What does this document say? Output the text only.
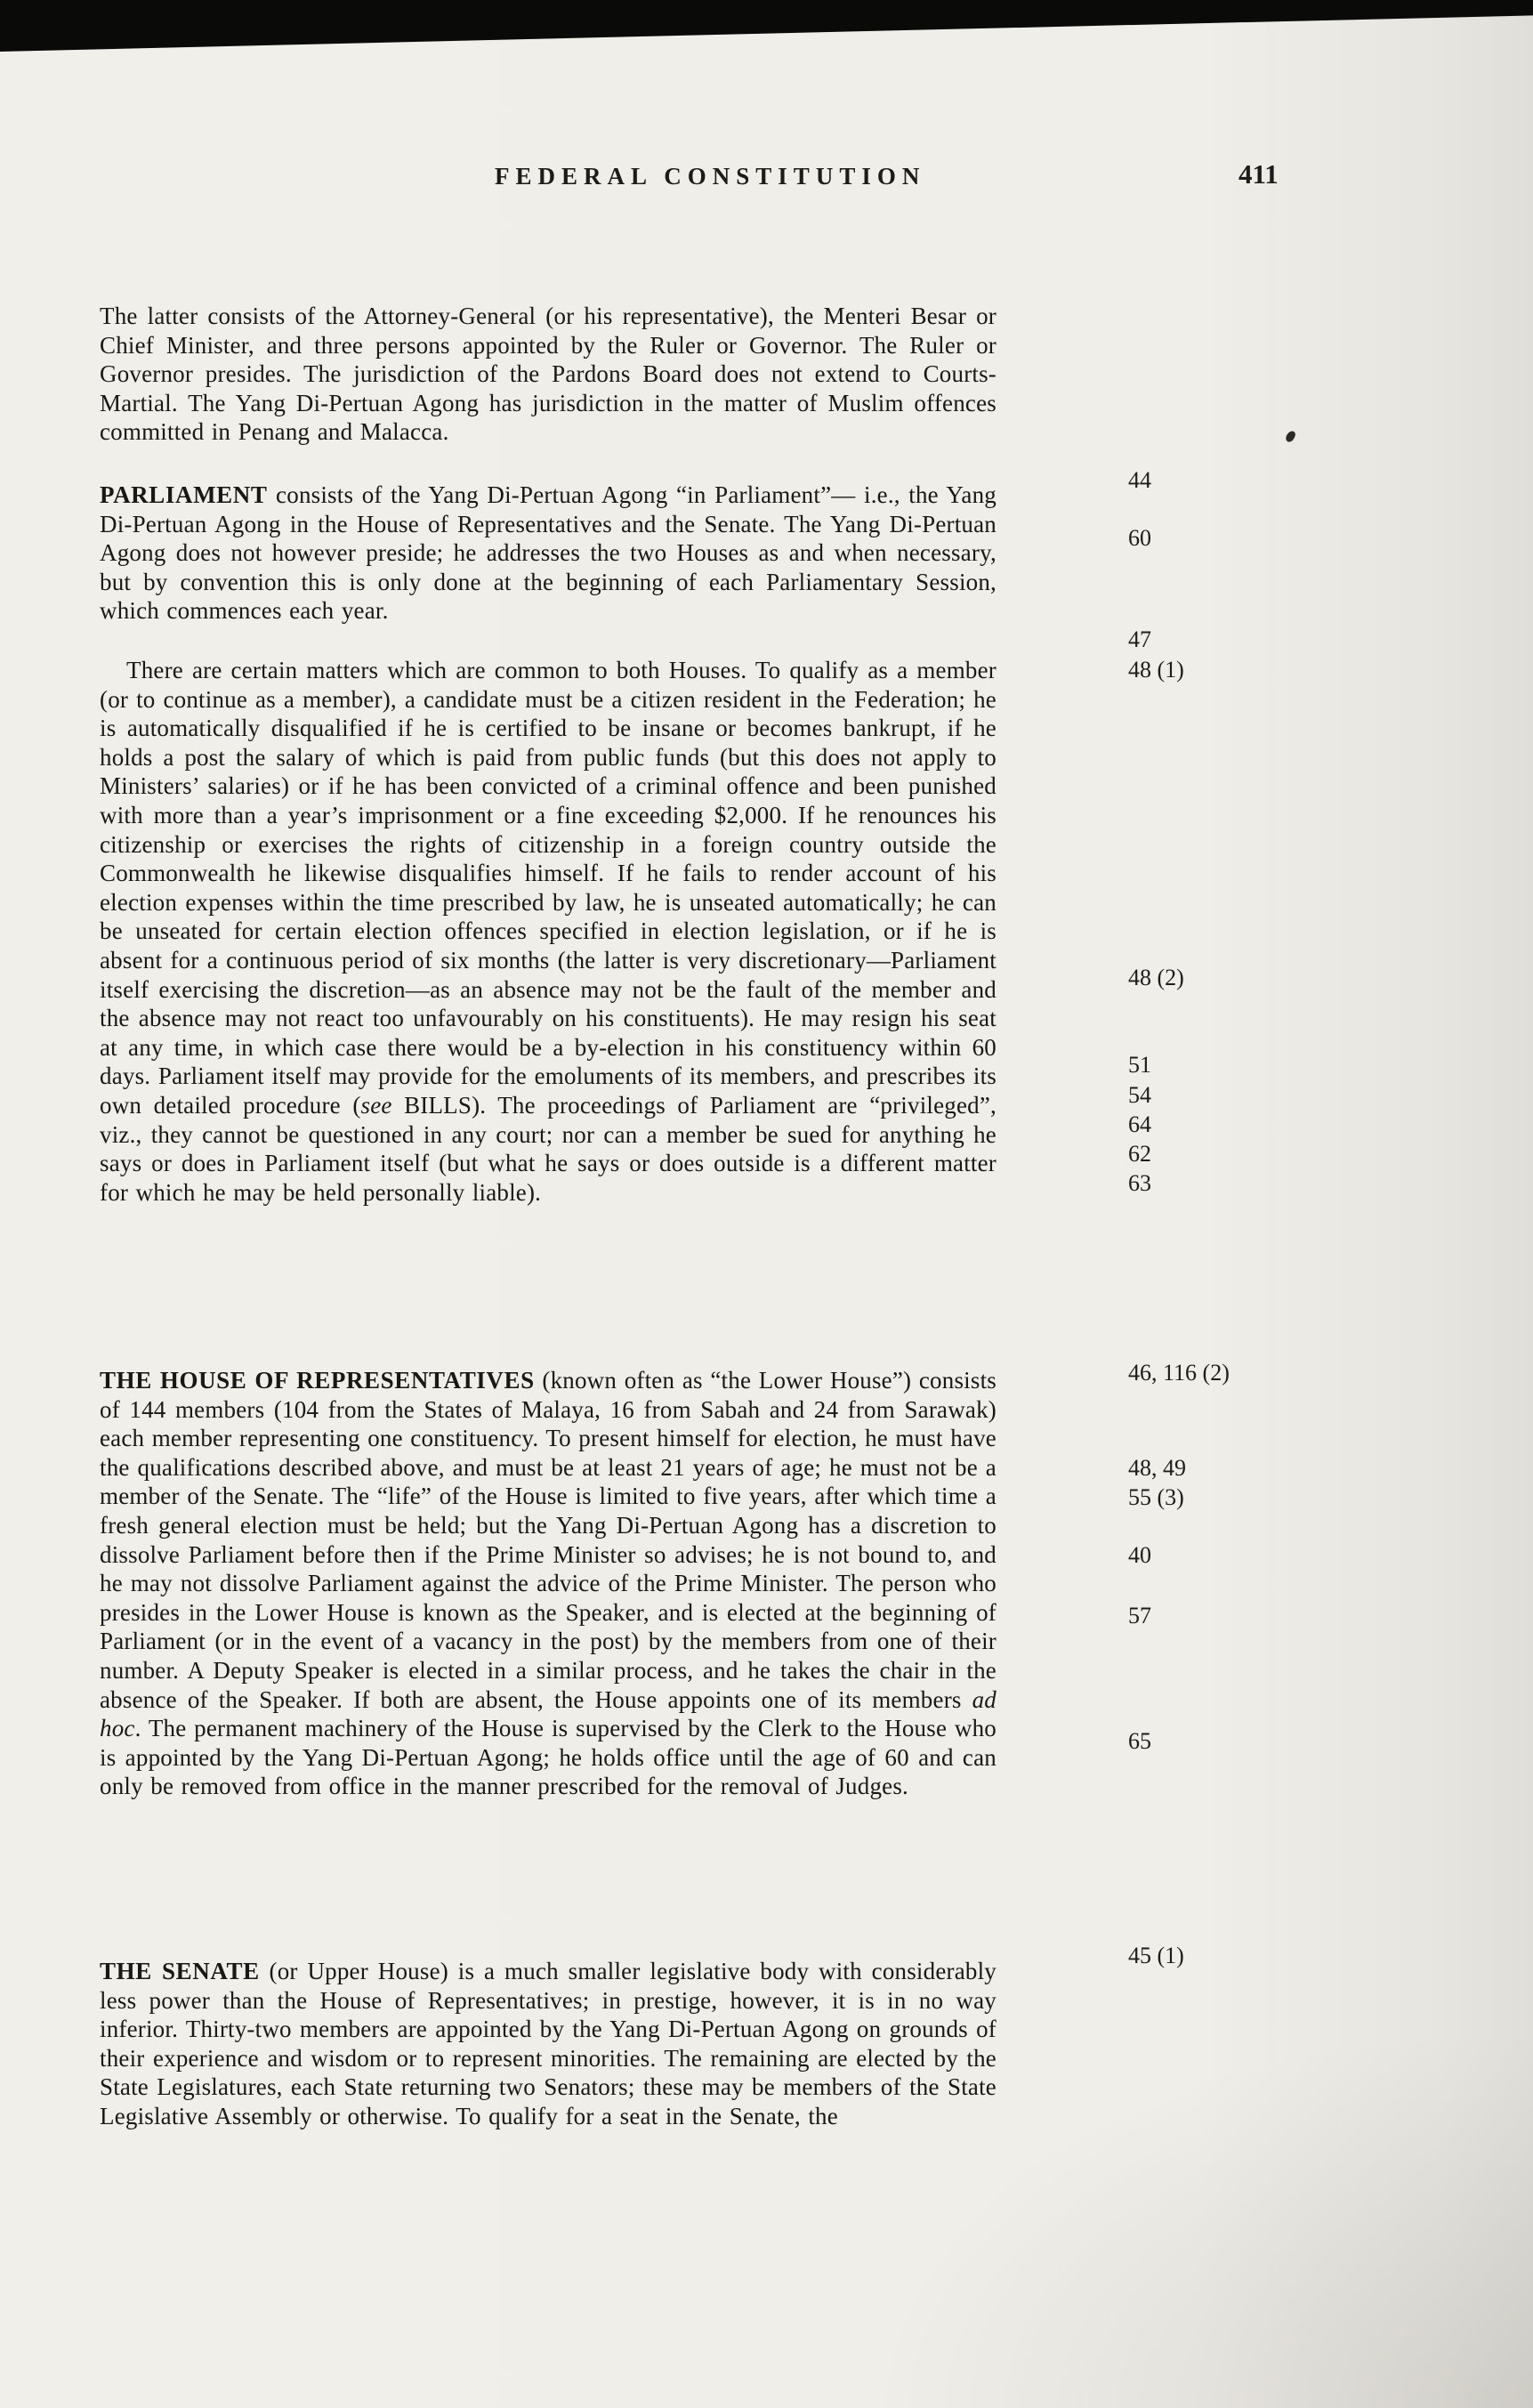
FEDERAL CONSTITUTION	411

The latter consists of the Attorney-General (or his representative), the Menteri Besar or Chief Minister, and three persons appointed by the Ruler or Governor. The Ruler or Governor presides. The jurisdiction of the Pardons Board does not extend to Courts-Martial. The Yang Di-Pertuan Agong has jurisdiction in the matter of Muslim offences committed in Penang and Malacca.

PARLIAMENT consists of the Yang Di-Pertuan Agong “in Parliament”— i.e., the Yang Di-Pertuan Agong in the House of Representatives and the Senate. The Yang Di-Pertuan Agong does not however preside; he addresses the two Houses as and when necessary, but by convention this is only done at the beginning of each Parliamentary Session, which commences each year.

There are certain matters which are common to both Houses. To qualify as a member (or to continue as a member), a candidate must be a citizen resident in the Federation; he is automatically disqualified if he is certified to be insane or becomes bankrupt, if he holds a post the salary of which is paid from public funds (but this does not apply to Ministers’ salaries) or if he has been convicted of a criminal offence and been punished with more than a year’s imprisonment or a fine exceeding $2,000. If he renounces his citizenship or exercises the rights of citizenship in a foreign country outside the Commonwealth he likewise disqualifies himself. If he fails to render account of his election expenses within the time prescribed by law, he is unseated automatically; he can be unseated for certain election offences specified in election legislation, or if he is absent for a continuous period of six months (the latter is very discretionary—Parliament itself exercising the discretion—as an absence may not be the fault of the member and the absence may not react too unfavourably on his constituents). He may resign his seat at any time, in which case there would be a by-election in his constituency within 60 days. Parliament itself may provide for the emoluments of its members, and prescribes its own detailed procedure (see BILLS). The proceedings of Parliament are “privileged”, viz., they cannot be questioned in any court; nor can a member be sued for anything he says or does in Parliament itself (but what he says or does outside is a different matter for which he may be held personally liable).

THE HOUSE OF REPRESENTATIVES (known often as “the Lower House”) consists of 144 members (104 from the States of Malaya, 16 from Sabah and 24 from Sarawak) each member representing one constituency. To present himself for election, he must have the qualifications described above, and must be at least 21 years of age; he must not be a member of the Senate. The “life” of the House is limited to five years, after which time a fresh general election must be held; but the Yang Di-Pertuan Agong has a discretion to dissolve Parliament before then if the Prime Minister so advises; he is not bound to, and he may not dissolve Parliament against the advice of the Prime Minister. The person who presides in the Lower House is known as the Speaker, and is elected at the beginning of Parliament (or in the event of a vacancy in the post) by the members from one of their number. A Deputy Speaker is elected in a similar process, and he takes the chair in the absence of the Speaker. If both are absent, the House appoints one of its members ad hoc. The permanent machinery of the House is supervised by the Clerk to the House who is appointed by the Yang Di-Pertuan Agong; he holds office until the age of 60 and can only be removed from office in the manner prescribed for the removal of Judges.

THE SENATE (or Upper House) is a much smaller legislative body with considerably less power than the House of Representatives; in prestige, however, it is in no way inferior. Thirty-two members are appointed by the Yang Di-Pertuan Agong on grounds of their experience and wisdom or to represent minorities. The remaining are elected by the State Legislatures, each State returning two Senators; these may be members of the State Legislative Assembly or otherwise. To qualify for a seat in the Senate, the

44
60
47
48 (1)
48 (2)
51
54
64
62
63
46, 116 (2)
48, 49
55 (3)
40
57
65
45 (1)
